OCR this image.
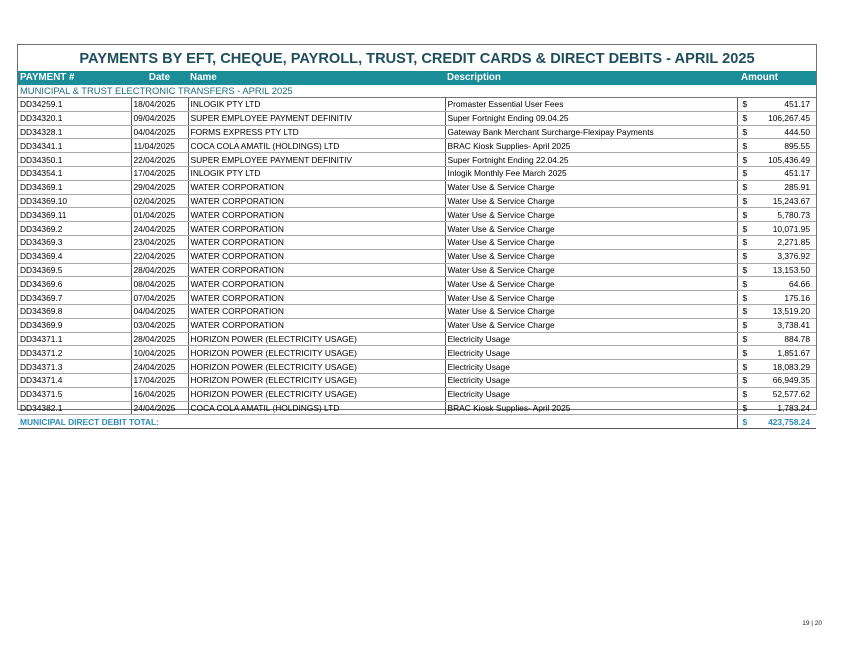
PAYMENTS BY EFT, CHEQUE, PAYROLL, TRUST, CREDIT CARDS & DIRECT DEBITS - APRIL 2025
PAYMENT #	Date	Name	Description	Amount
MUNICIPAL & TRUST ELECTRONIC TRANSFERS - APRIL 2025				
DD34259.1	18/04/2025	INLOGIK PTY LTD	Promaster Essential User Fees	$ 451.17

DD34320.1	09/04/2025	SUPER EMPLOYEE PAYMENT DEFINITIV	Super Fortnight Ending 09.04.25	$ 106,267.45

DD34328.1	04/04/2025	FORMS EXPRESS PTY LTD	Gateway Bank Merchant Surcharge-Flexipay Payments	$ 444.50

DD34341.1	11/04/2025	COCA COLA AMATIL (HOLDINGS) LTD	BRAC Kiosk Supplies- April 2025	$ 895.55

DD34350.1	22/04/2025	SUPER EMPLOYEE PAYMENT DEFINITIV	Super Fortnight Ending 22.04.25	$ 105,436.49

DD34354.1	17/04/2025	INLOGIK PTY LTD	Inlogik Monthly Fee March 2025	$ 451.17

DD34369.1	29/04/2025	WATER CORPORATION	Water Use & Service Charge	$ 285.91

DD34369.10	02/04/2025	WATER CORPORATION	Water Use & Service Charge	$ 15,243.67

DD34369.11	01/04/2025	WATER CORPORATION	Water Use & Service Charge	$ 5,780.73

DD34369.2	24/04/2025	WATER CORPORATION	Water Use & Service Charge	$ 10,071.95

DD34369.3	23/04/2025	WATER CORPORATION	Water Use & Service Charge	$ 2,271.85

DD34369.4	22/04/2025	WATER CORPORATION	Water Use & Service Charge	$ 3,376.92

DD34369.5	28/04/2025	WATER CORPORATION	Water Use & Service Charge	$ 13,153.50

DD34369.6	08/04/2025	WATER CORPORATION	Water Use & Service Charge	$ 64.66

DD34369.7	07/04/2025	WATER CORPORATION	Water Use & Service Charge	$ 175.16

DD34369.8	04/04/2025	WATER CORPORATION	Water Use & Service Charge	$ 13,519.20

DD34369.9	03/04/2025	WATER CORPORATION	Water Use & Service Charge	$ 3,738.41

DD34371.1	28/04/2025	HORIZON POWER (ELECTRICITY USAGE)	Electricity Usage	$ 884.78

DD34371.2	10/04/2025	HORIZON POWER (ELECTRICITY USAGE)	Electricity Usage	$ 1,851.67

DD34371.3	24/04/2025	HORIZON POWER (ELECTRICITY USAGE)	Electricity Usage	$ 18,083.29

DD34371.4	17/04/2025	HORIZON POWER (ELECTRICITY USAGE)	Electricity Usage	$ 66,949.35

DD34371.5	16/04/2025	HORIZON POWER (ELECTRICITY USAGE)	Electricity Usage	$ 52,577.62

DD34382.1	24/04/2025	COCA COLA AMATIL (HOLDINGS) LTD	BRAC Kiosk Supplies- April 2025	$ 1,783.24

MUNICIPAL DIRECT DEBIT TOTAL:				$ 423,758.24
19 | 20
